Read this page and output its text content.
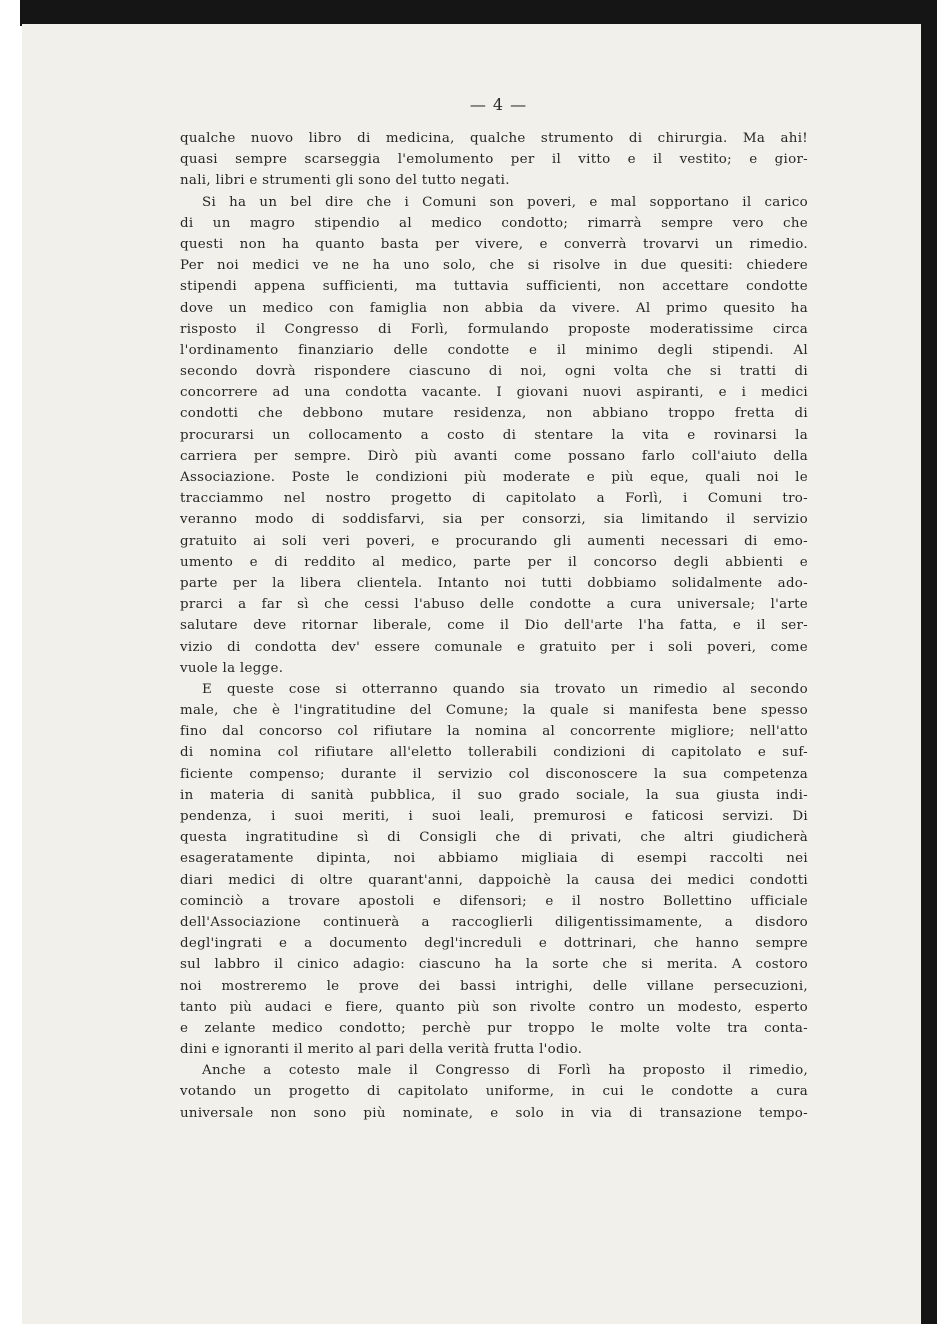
— 4 —
qualche nuovo libro di medicina, qualche strumento di chirurgia. Ma ahi!
quasi sempre scarseggia l'emolumento per il vitto e il vestito; e gior-
nali, libri e strumenti gli sono del tutto negati.
Si ha un bel dire che i Comuni son poveri, e mal sopportano il carico
di un magro stipendio al medico condotto; rimarrà sempre vero che
questi non ha quanto basta per vivere, e converrà trovarvi un rimedio.
Per noi medici ve ne ha uno solo, che si risolve in due quesiti: chiedere
stipendi appena sufficienti, ma tuttavia sufficienti, non accettare condotte
dove un medico con famiglia non abbia da vivere. Al primo quesito ha
risposto il Congresso di Forlì, formulando proposte moderatissime circa
l'ordinamento finanziario delle condotte e il minimo degli stipendi. Al
secondo dovrà rispondere ciascuno di noi, ogni volta che si tratti di
concorrere ad una condotta vacante. I giovani nuovi aspiranti, e i medici
condotti che debbono mutare residenza, non abbiano troppo fretta di
procurarsi un collocamento a costo di stentare la vita e rovinarsi la
carriera per sempre. Dirò più avanti come possano farlo coll'aiuto della
Associazione. Poste le condizioni più moderate e più eque, quali noi le
tracciammo nel nostro progetto di capitolato a Forlì, i Comuni tro-
veranno modo di soddisfarvi, sia per consorzi, sia limitando il servizio
gratuito ai soli veri poveri, e procurando gli aumenti necessari di emo-
umento e di reddito al medico, parte per il concorso degli abbienti e
parte per la libera clientela. Intanto noi tutti dobbiamo solidalmente ado-
prarci a far sì che cessi l'abuso delle condotte a cura universale; l'arte
salutare deve ritornar liberale, come il Dio dell'arte l'ha fatta, e il ser-
vizio di condotta dev' essere comunale e gratuito per i soli poveri, come
vuole la legge.
E queste cose si otterranno quando sia trovato un rimedio al secondo
male, che è l'ingratitudine del Comune; la quale si manifesta bene spesso
fino dal concorso col rifiutare la nomina al concorrente migliore; nell'atto
di nomina col rifiutare all'eletto tollerabili condizioni di capitolato e suf-
ficiente compenso; durante il servizio col disconoscere la sua competenza
in materia di sanità pubblica, il suo grado sociale, la sua giusta indi-
pendenza, i suoi meriti, i suoi leali, premurosi e faticosi servizi. Di
questa ingratitudine sì di Consigli che di privati, che altri giudicherà
esageratamente dipinta, noi abbiamo migliaia di esempi raccolti nei
diari medici di oltre quarant'anni, dappoichè la causa dei medici condotti
cominciò a trovare apostoli e difensori; e il nostro Bollettino ufficiale
dell'Associazione continuerà a raccoglierli diligentissimamente, a disdoro
degl'ingrati e a documento degl'increduli e dottrinari, che hanno sempre
sul labbro il cinico adagio: ciascuno ha la sorte che si merita. A costoro
noi mostreremo le prove dei bassi intrighi, delle villane persecuzioni,
tanto più audaci e fiere, quanto più son rivolte contro un modesto, esperto
e zelante medico condotto; perchè pur troppo le molte volte tra conta-
dini e ignoranti il merito al pari della verità frutta l'odio.
Anche a cotesto male il Congresso di Forlì ha proposto il rimedio,
votando un progetto di capitolato uniforme, in cui le condotte a cura
universale non sono più nominate, e solo in via di transazione tempo-
